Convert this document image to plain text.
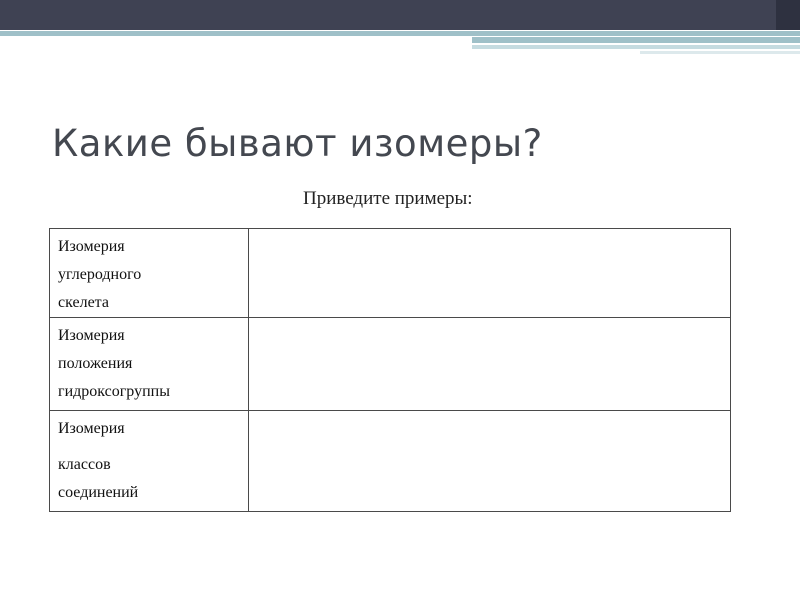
Какие бывают изомеры?
Приведите примеры:
Изомерия
углеродного
скелета	

Изомерия
положения
гидроксогруппы	

Изомерия
классов
соединений	
